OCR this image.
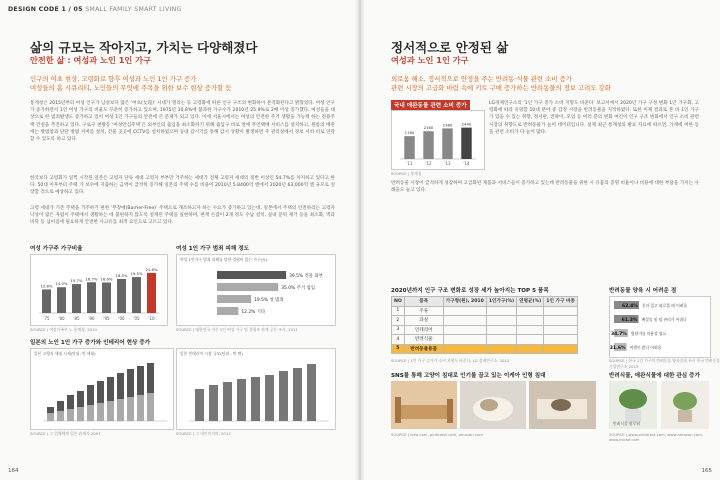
DESIGN CODE 1 / 05 SMALL FAMILY SMART LIVING
삶의 규모는 작아지고, 가치는 다양해졌다
안전한 삶 : 여성과 노인 1인 가구
인구의 여초 현상, 고령화로 향후 여성과 노인 1인 가구 증가
여성들의 홈 시큐리티, 노인들의 무엇에 주목을 위한 보수 현상 증가할 듯
통계청은 2015년부터 여성 인구가 남성보다 많은 ‘여초(女超)’ 시대가 열리는 등 고령화에 따른 인구 구조의 변화하이 본격화된다고 밝혔었다. 여성 인구가 증가하면서 1인 여성 가구의 비율도 꾸준히 증가하고 있으며, 1975년 10.8%에 불과한 가구수가 2010년 25.9%로 2배 이상 증가했다. 여성들을 대상으로 한 범죄발생도 증가하고 있어 여성 1인 가구들의 안전에 큰 문제가 되고 있다. 이에 서울시에서는 여성의 안전한 주거 생활을 가능케 하는 전용주택 건설을 추진하고 있다. 구로구 천왕동 ‘여성안심주택’은 외부인의 출입을 최소화하기 위해 출입구 바로 앞에 무인택배 서비스를 설치하고, 원룸의 배관에는 방범창과 단단 방범 커버를 설치, 건물 곳곳에 CCTV를 설치하였으며 등대 감시기를 통해 감시 상황이 발생하면 주 관리실에서 경보 서비 비로 연락할 수 있도록 하고 있다.
한국보다 고령화가 일찍 시작된 일본은 고령자 단독 세대 고령자 부부만 거주하는 세대가 전체 고령자 세대의 절반 이상인 54.7%를 차지하고 있다고 한다. 50대 이후부터 주택 가 보수에 지출하는 금액이 급격히 증가해 일본의 주택 수를 비용이 2010년 5.8400억 엔에서 2020년 63,000억 엔 규모로 성장할 것으로 예상하고 있다.
고령 세대가 기존 주택을 거주하기 편한 ‘무장애(Barrier-Free)’ 주택으로 개조하고자 하는 수요가 증가하고 있는데, 일본에서 주택의 안전하리는 고령자 낙상이 많은 자립이 주택에서 생활하는 데 불편하지 않도록 설계된 주택을 실현하며, 현재 손잡이 2개 정도 수납 설치, 실내 문턱 제거 등을 최소화, 벽과 바닥 등 넘어짐에 필요하게 안전한 사고유를 최적 요인으로 고르고 있다.
여성 가구주 가구비율
12.8%
'75
14.0%
'80
15.7%
'85
16.7%
'90
16.6%
'95
18.5%
'00
19.5%
'05
21.8%
'10
SOURCE | 여성가족부 노 통계청, 2010
여성 1인 가구 범죄 피해 정도
여성 1인가구 범죄 피해를 당한 경험이 있는 가구(%)
39.5% 건물 외부
35.0% 주거 침입
19.5% 성 범죄
12.2% 기타
SOURCE | 대한민국 거주 1인 여성 가구 및 경험조 관계 공동 조사, 2011
일본의 노인 1인 가구 증가와 인테리어 현상 증가
일본 고령자 세대 시세(단위: 만 세대)
SOURCE | 그 업체체계 일본 관계자 2007
일본 인테리어 시장 규모(단위 : 억 엔)
SOURCE | 그 내이미지의, 2013
164
정서적으로 안정된 삶
여성과 노인 1인 가구
외로움 해소, 정서적으로 안정을 주는 반려동·식물 관련 소비 증가
관련 시장의 고급화 바람 속에 키트 구매 증가하는 반려동물의 정보 고려도 강화
국내 애완동물 관련 소비 증가
1780
'11
2160
'12
2380
'13
2440
'14
SOURCE | 통계청
LG경제연구소의 ‘1인 가구 증가 소비 지형도 바꾼다’ 보고서에서 2020년 가구 구성 변화 1인 가구화, 고령화에 따라 유망할 10대 분야 중 감정 시장을 반려동물을 지적하였다. 또한 이제 결과로 본 바 1인 가구가 있을 수 있는 취향, 정서판, 전략이, 모임 등 여러 분의 변화 여건이 인구 구조 변화에서 인구 소비 관련 시장의 취향도로 반려동물가 늘어 데이터입니다. 실제 최근 통계청의 발표 자료에 따르면, 가계에 여한 등을 관련 소비가 다 늘어 많다.
반려동물 시장이 급격하게 성장하며 고급화된 제품과 서비스들이 증가하고 있는데 반려동물을 위한 시 유품의 증명 비율이나 비용에 대한 부담을 가지는 사례들도 늘고 있다.
2020년까지 인구 구조 변화로 성장 세가 높아지는 TOP 5 품목
NO	품목	가구형(원), 2010	1인가구(%)	연평균(%)	1인 가구 비중
1	주류				
2	과실				
3	인테리어				
4	반려식물				
5	반려동물용품				
SOURCE | 1인 가구 증가가 소비 지형도 바꾼다, LG 경제연구소, 2012
반려동물 양육 시 어려운 점
62.4% 혼자 있고 외로울 때 어려움
61.3% 배설물 및 털 관리가 어렵다
34.7% 병원비를 이용할 필요
31.6% 여행이 많다 어려움
SOURCE | 한국 1인 가구의 반려동물 양육실태 조사 한국 반려동물기업연구소 2013
SNS를 통해 고양이 침대로 인기를 끌고 있는 이케아 인형 침대
SOURCE | ikea.com, pinterest.com, amazon.com
반려식물, 애완식물에 대한 관심 증가
반려식물 팔로워
SOURCE | www.pinterest.com, www.amazon.com, www.mirae.com
165
